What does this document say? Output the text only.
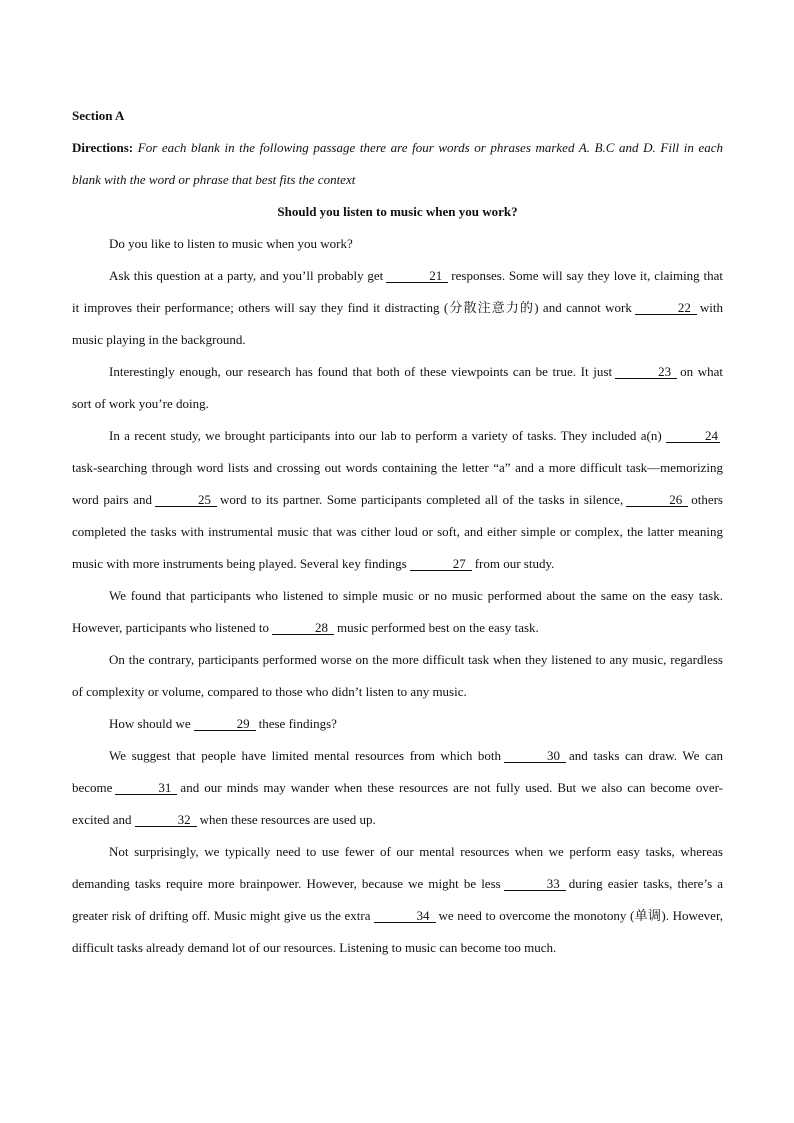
Section A

Directions: For each blank in the following passage there are four words or phrases marked A. B.C and D. Fill in each blank with the word or phrase that best fits the context

Should you listen to music when you work?

Do you like to listen to music when you work?

Ask this question at a party, and you’ll probably get	21 responses. Some will say they love it, claiming that it improves their performance; others will say they find it distracting (分散注意力的) and cannot work	22 with music playing in the background.

Interestingly enough, our research has found that both of these viewpoints can be true. It just	23 on what sort of work you’re doing.

In a recent study, we brought participants into our lab to perform a variety of tasks. They included a(n)	24task-searching through word lists and crossing out words containing the letter “a” and a more difficult task—memorizing word pairs and	25 word to its partner. Some participants completed all of the tasks in silence,	26 others completed the tasks with instrumental music that was cither loud or soft, and either simple or complex, the latter meaning music with more instruments being played. Several key findings	27 from our study.

We found that participants who listened to simple music or no music performed about the same on the easy task. However, participants who listened to	28 music performed best on the easy task.

On the contrary, participants performed worse on the more difficult task when they listened to any music, regardless of complexity or volume, compared to those who didn’t listen to any music.

How should we	29 these findings?

We suggest that people have limited mental resources from which both	30 and tasks can draw. We can become	31 and our minds may wander when these resources are not fully used. But we also can become over-excited and	32 when these resources are used up.

Not surprisingly, we typically need to use fewer of our mental resources when we perform easy tasks, whereas demanding tasks require more brainpower. However, because we might be less	33 during easier tasks, there’s a greater risk of drifting off. Music might give us the extra	34 we need to overcome the monotony (单调). However, difficult tasks already demand lot of our resources. Listening to music can become too much.
